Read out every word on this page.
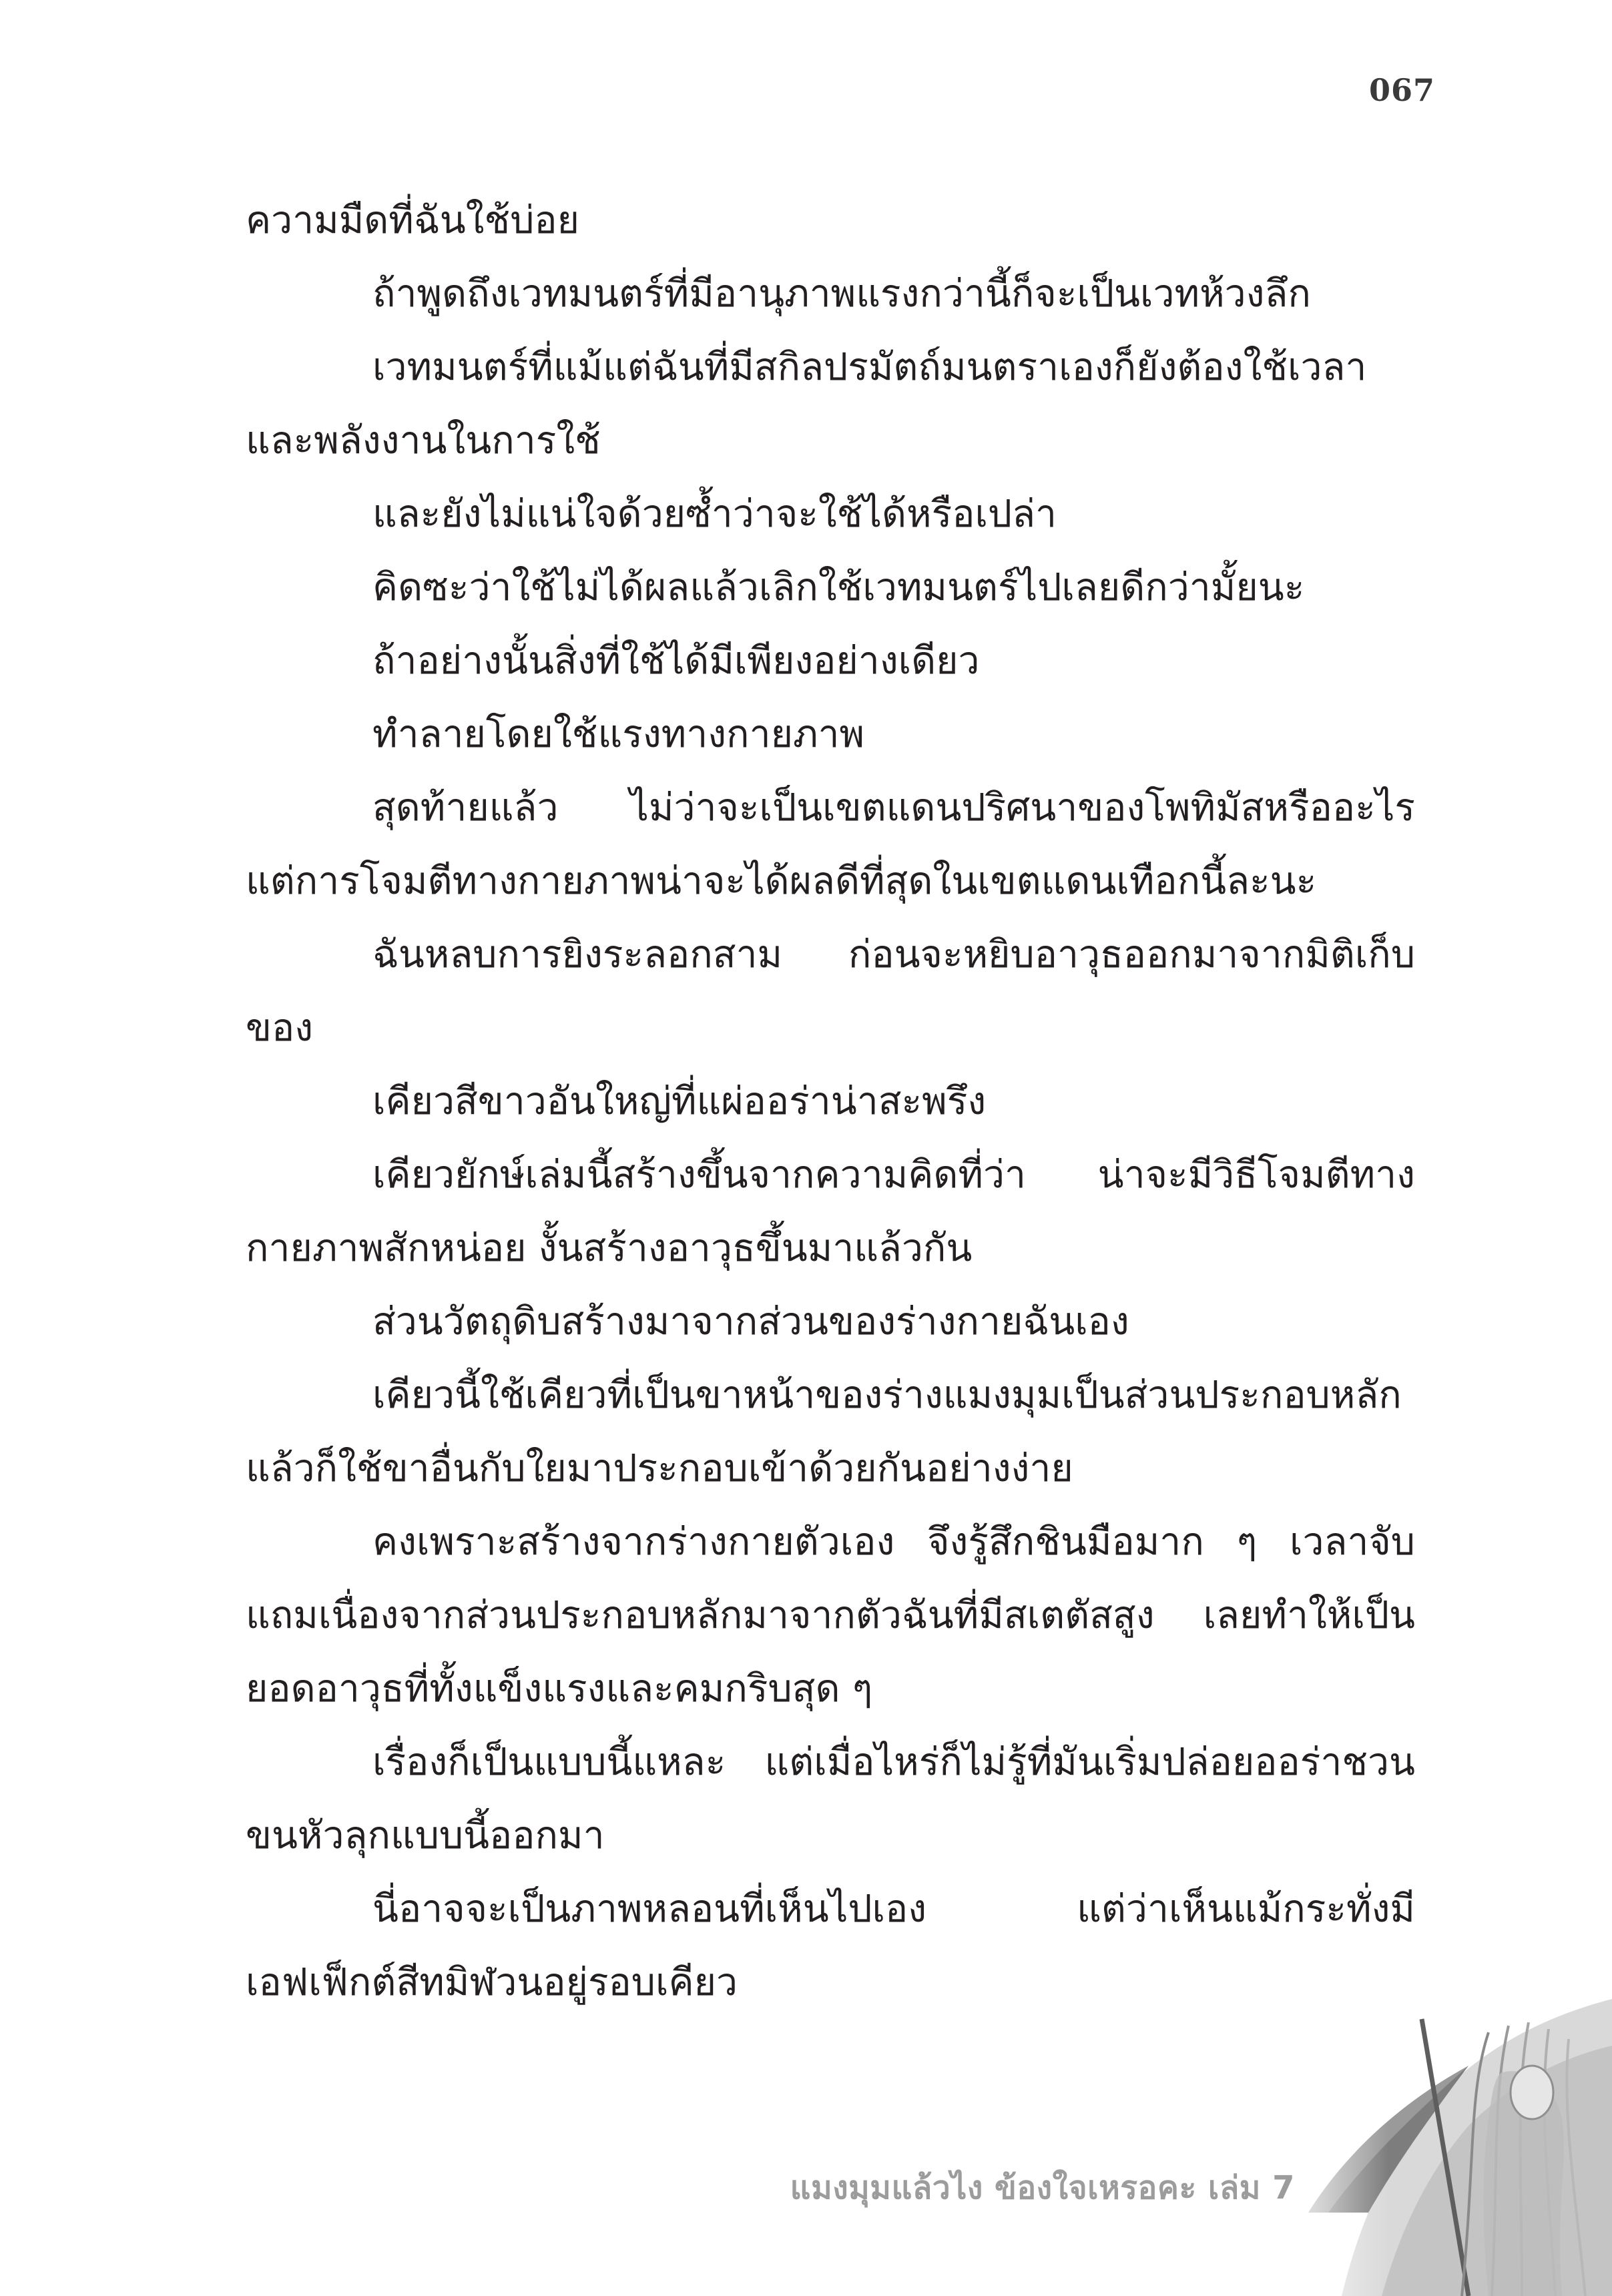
067

ความมืดที่ฉันใช้บ่อย

ถ้าพูดถึงเวทมนตร์ที่มีอานุภาพแรงกว่านี้ก็จะเป็นเวทห้วงลึก

เวทมนตร์ที่แม้แต่ฉันที่มีสกิลปรมัตถ์มนตราเองก็ยังต้องใช้เวลาและพลังงานในการใช้

และยังไม่แน่ใจด้วยซ้ำว่าจะใช้ได้หรือเปล่า

คิดซะว่าใช้ไม่ได้ผลแล้วเลิกใช้เวทมนตร์ไปเลยดีกว่ามั้ยนะ

ถ้าอย่างนั้นสิ่งที่ใช้ได้มีเพียงอย่างเดียว

ทำลายโดยใช้แรงทางกายภาพ

สุดท้ายแล้ว ไม่ว่าจะเป็นเขตแดนปริศนาของโพทิมัสหรืออะไร แต่การโจมตีทางกายภาพน่าจะได้ผลดีที่สุดในเขตแดนเทือกนี้ละนะ

ฉันหลบการยิงระลอกสาม ก่อนจะหยิบอาวุธออกมาจากมิติเก็บของ

เคียวสีขาวอันใหญ่ที่แผ่ออร่าน่าสะพรึง

เคียวยักษ์เล่มนี้สร้างขึ้นจากความคิดที่ว่า น่าจะมีวิธีโจมตีทางกายภาพสักหน่อย งั้นสร้างอาวุธขึ้นมาแล้วกัน

ส่วนวัตถุดิบสร้างมาจากส่วนของร่างกายฉันเอง

เคียวนี้ใช้เคียวที่เป็นขาหน้าของร่างแมงมุมเป็นส่วนประกอบหลัก แล้วก็ใช้ขาอื่นกับใยมาประกอบเข้าด้วยกันอย่างง่าย

คงเพราะสร้างจากร่างกายตัวเอง จึงรู้สึกชินมือมาก ๆ เวลาจับแถมเนื่องจากส่วนประกอบหลักมาจากตัวฉันที่มีสเตตัสสูง เลยทำให้เป็นยอดอาวุธที่ทั้งแข็งแรงและคมกริบสุด ๆ

เรื่องก็เป็นแบบนี้แหละ แต่เมื่อไหร่ก็ไม่รู้ที่มันเริ่มปล่อยออร่าชวนขนหัวลุกแบบนี้ออกมา

นี่อาจจะเป็นภาพหลอนที่เห็นไปเอง แต่ว่าเห็นแม้กระทั่งมีเอฟเฟ็กต์สีทมิฬวนอยู่รอบเคียว

แมงมุมแล้วไง ข้องใจเหรอคะ เล่ม 7
